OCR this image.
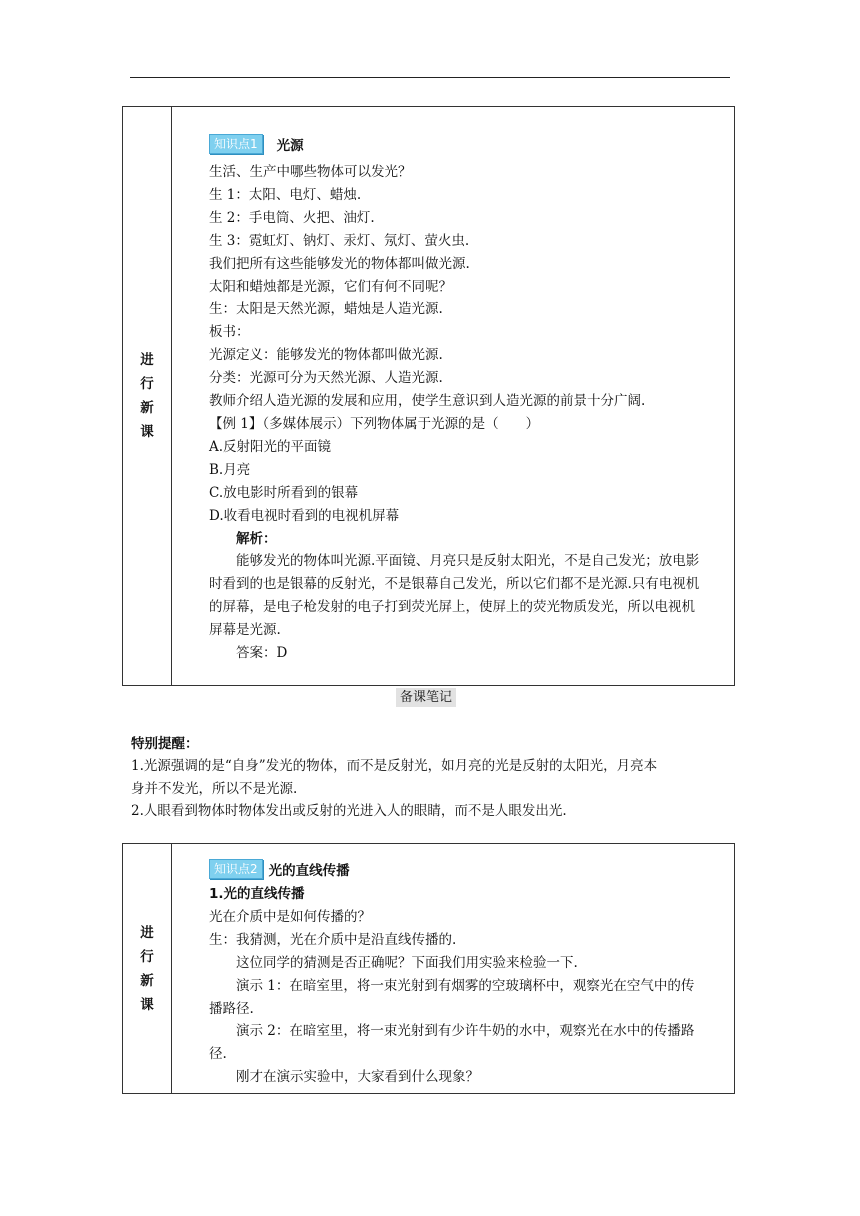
进行新课
知识点1	光源
生活、生产中哪些物体可以发光？
生 1：太阳、电灯、蜡烛.
生 2：手电筒、火把、油灯.
生 3：霓虹灯、钠灯、汞灯、氖灯、萤火虫.
我们把所有这些能够发光的物体都叫做光源.
太阳和蜡烛都是光源，它们有何不同呢？
生：太阳是天然光源，蜡烛是人造光源.
板书：
光源定义：能够发光的物体都叫做光源.
分类：光源可分为天然光源、人造光源.
教师介绍人造光源的发展和应用，使学生意识到人造光源的前景十分广阔.
【例 1】（多媒体展示）下列物体属于光源的是（　　）
A.反射阳光的平面镜
B.月亮
C.放电影时所看到的银幕
D.收看电视时看到的电视机屏幕
解析：
能够发光的物体叫光源.平面镜、月亮只是反射太阳光，不是自己发光；放电影
时看到的也是银幕的反射光，不是银幕自己发光，所以它们都不是光源.只有电视机
的屏幕，是电子枪发射的电子打到荧光屏上，使屏上的荧光物质发光，所以电视机
屏幕是光源.
答案：D
备课笔记
特别提醒：
1.光源强调的是“自身”发光的物体，而不是反射光，如月亮的光是反射的太阳光，月亮本
身并不发光，所以不是光源.
2.人眼看到物体时物体发出或反射的光进入人的眼睛，而不是人眼发出光.
进行新课
知识点2 光的直线传播
1.光的直线传播
光在介质中是如何传播的？
生：我猜测，光在介质中是沿直线传播的.
这位同学的猜测是否正确呢？下面我们用实验来检验一下.
演示 1：在暗室里，将一束光射到有烟雾的空玻璃杯中，观察光在空气中的传
播路径.
演示 2：在暗室里，将一束光射到有少许牛奶的水中，观察光在水中的传播路
径.
刚才在演示实验中，大家看到什么现象？
